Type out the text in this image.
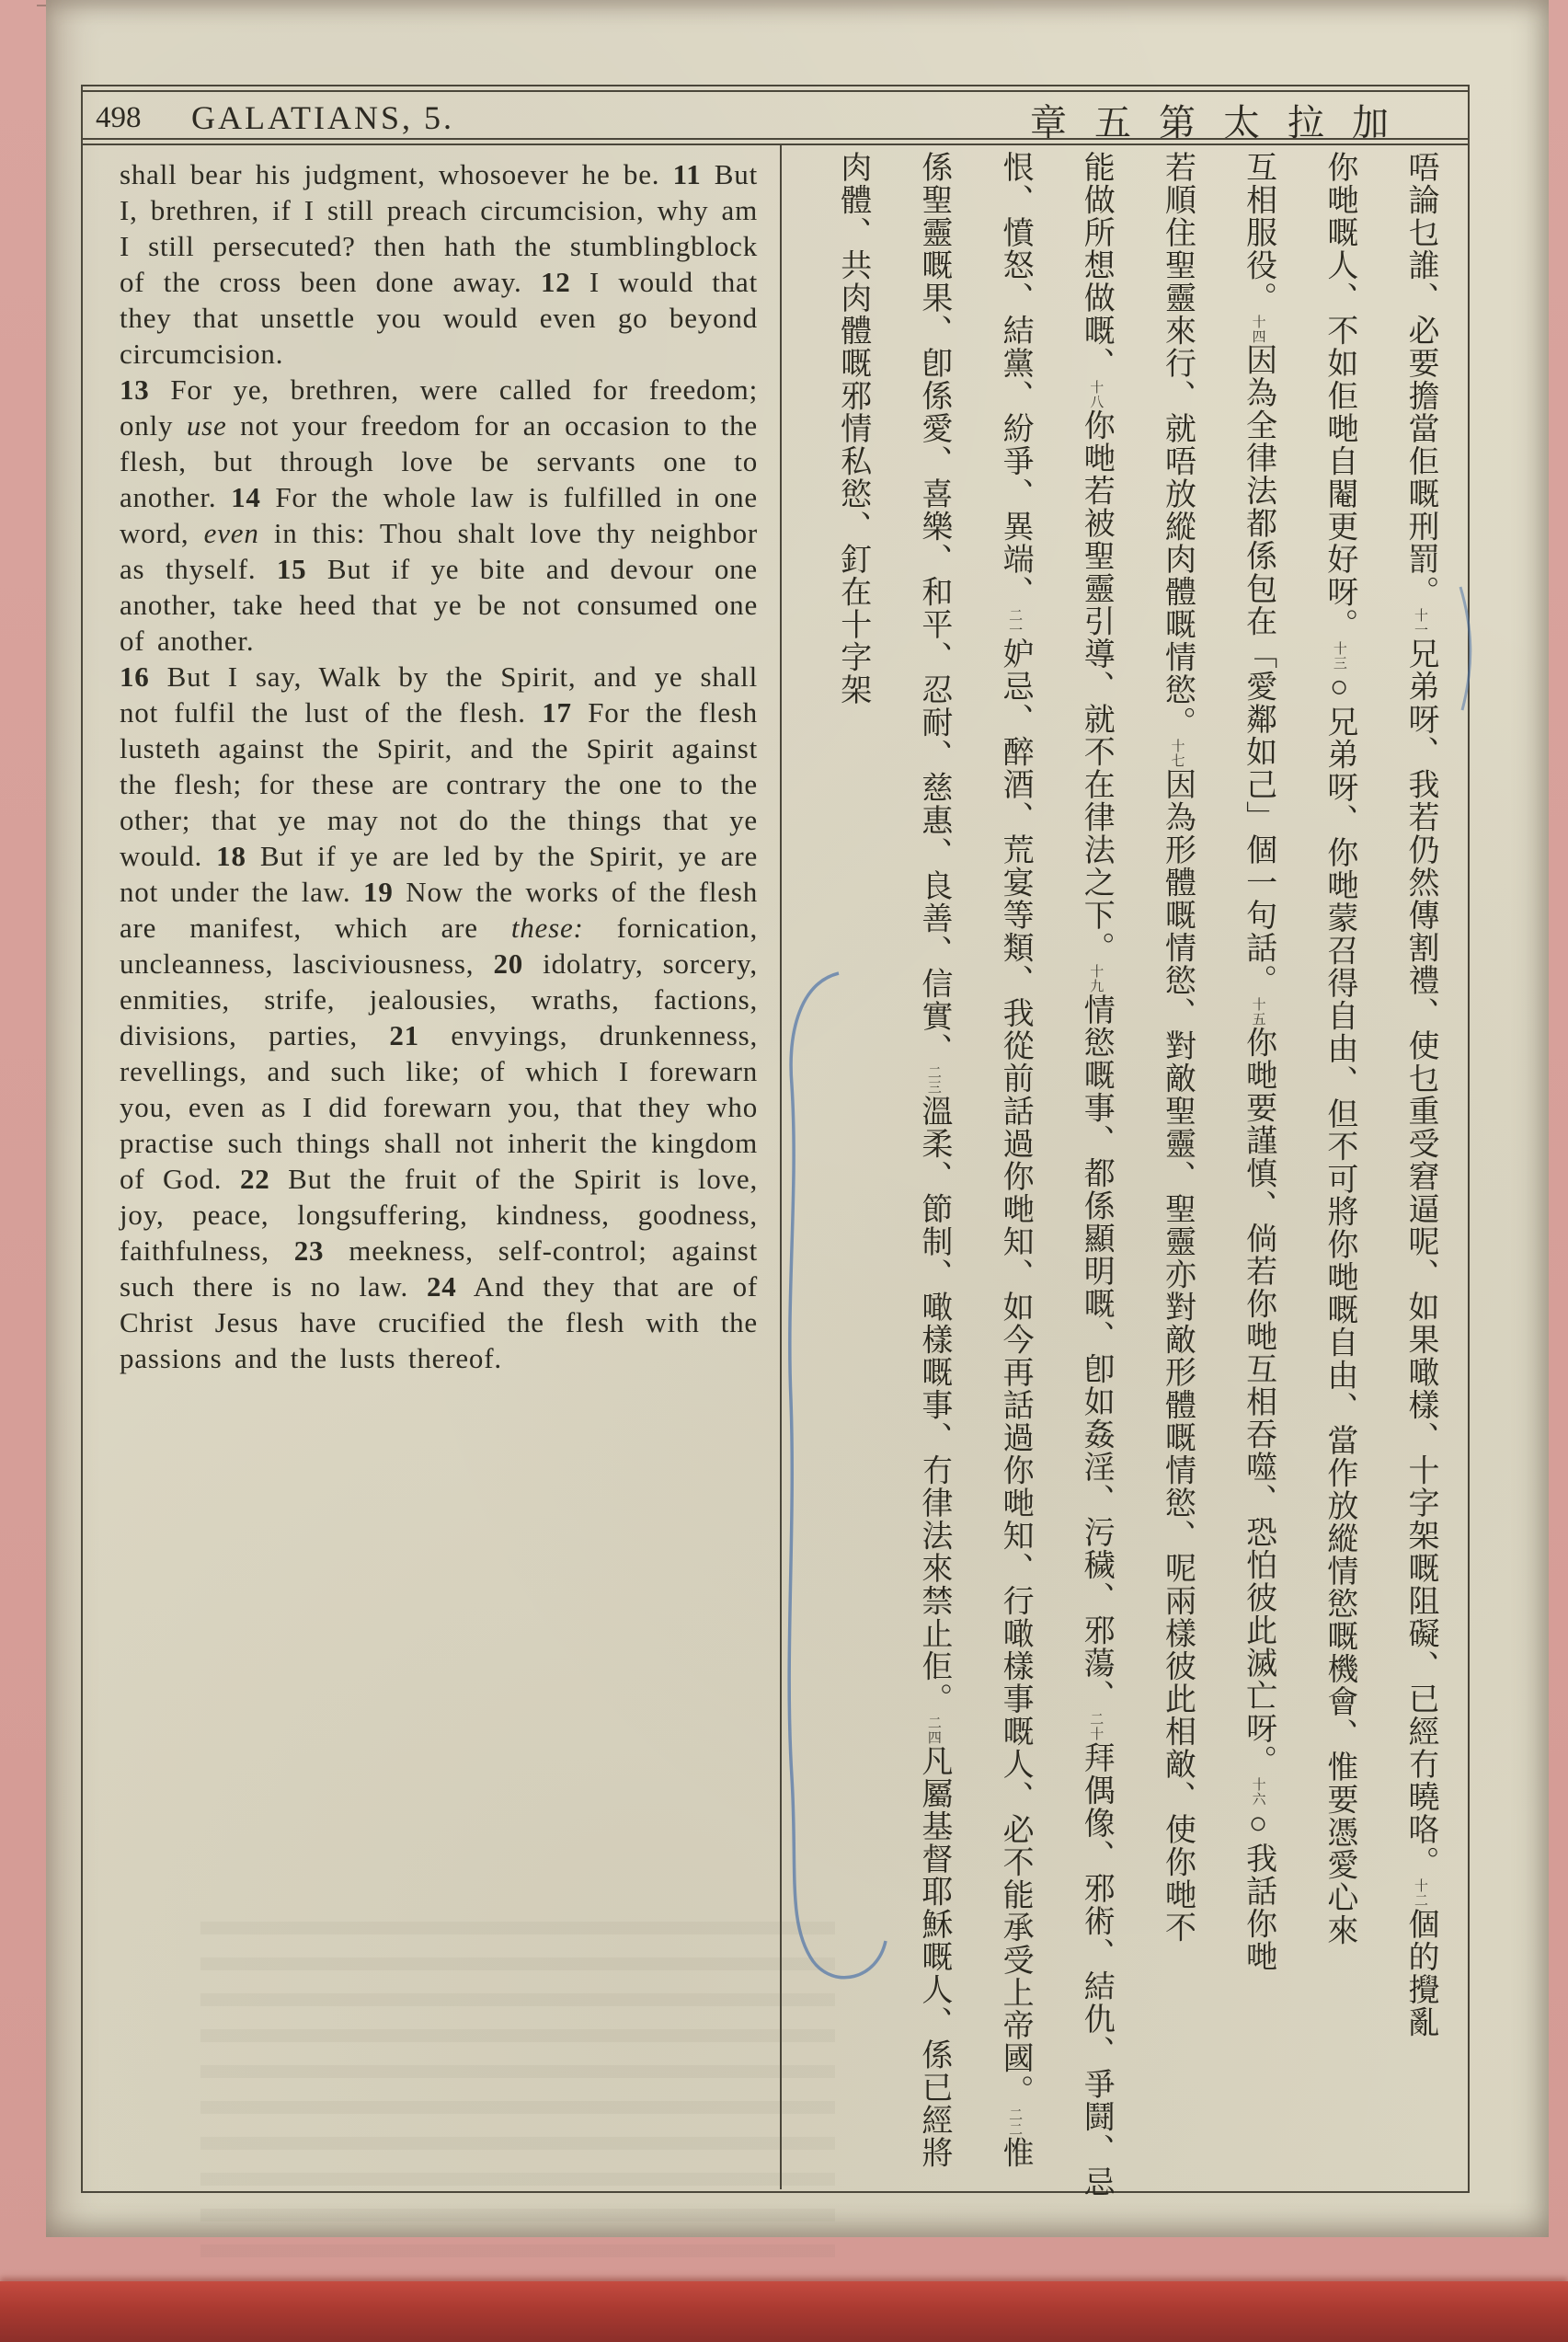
498 GALATIANS, 5.	章五第太拉加

shall bear his judgment, whosoever he be. 11 But I, brethren, if I still preach circumcision, why am I still persecuted? then hath the stumblingblock of the cross been done away. 12 I would that they that unsettle you would even go beyond circumcision.

13 For ye, brethren, were called for freedom; only use not your freedom for an occasion to the flesh, but through love be servants one to another. 14 For the whole law is fulfilled in one word, even in this: Thou shalt love thy neighbor as thyself. 15 But if ye bite and devour one another, take heed that ye be not consumed one of another.

16 But I say, Walk by the Spirit, and ye shall not fulfil the lust of the flesh. 17 For the flesh lusteth against the Spirit, and the Spirit against the flesh; for these are contrary the one to the other; that ye may not do the things that ye would. 18 But if ye are led by the Spirit, ye are not under the law. 19 Now the works of the flesh are manifest, which are these: fornication, uncleanness, lasciviousness, 20 idolatry, sorcery, enmities, strife, jealousies, wraths, factions, divisions, parties, 21 envyings, drunkenness, revellings, and such like; of which I forewarn you, even as I did forewarn you, that they who practise such things shall not inherit the kingdom of God. 22 But the fruit of the Spirit is love, joy, peace, longsuffering, kindness, goodness, faithfulness, 23 meekness, self-control; against such there is no law. 24 And they that are of Christ Jesus have crucified the flesh with the passions and the lusts thereof.

唔論乜誰、必要擔當佢嘅刑罰。十一兄弟呀、我若仍然傳割禮、使乜重受窘逼呢、如果噉樣、十字架嘅阻礙、已經冇曉咯。十二個的攪亂

你哋嘅人、不如佢哋自閹更好呀。十三○兄弟呀、你哋蒙召得自由、但不可將你哋嘅自由、當作放縱情慾嘅機會、惟要憑愛心來

互相服役。十四因為全律法都係包在「愛鄰如己」個一句話。十五你哋要謹慎、倘若你哋互相吞噬、恐怕彼此滅亡呀。十六○我話你哋

若順住聖靈來行、就唔放縱肉體嘅情慾。十七因為形體嘅情慾、對敵聖靈、聖靈亦對敵形體嘅情慾、呢兩樣彼此相敵、使你哋不

能做所想做嘅、十八你哋若被聖靈引導、就不在律法之下。十九情慾嘅事、都係顯明嘅、卽如姦淫、污穢、邪蕩、二十拜偶像、邪術、結仇、爭鬪、忌

恨、憤怒、結黨、紛爭、異端、二一妒忌、醉酒、荒宴等類、我從前話過你哋知、如今再話過你哋知、行噉樣事嘅人、必不能承受上帝國。二二惟

係聖靈嘅果、卽係愛、喜樂、和平、忍耐、慈惠、良善、信實、二三溫柔、節制、噉樣嘅事、冇律法來禁止佢。二四凡屬基督耶穌嘅人、係已經將

肉體、共肉體嘅邪情私慾、釘在十字架
